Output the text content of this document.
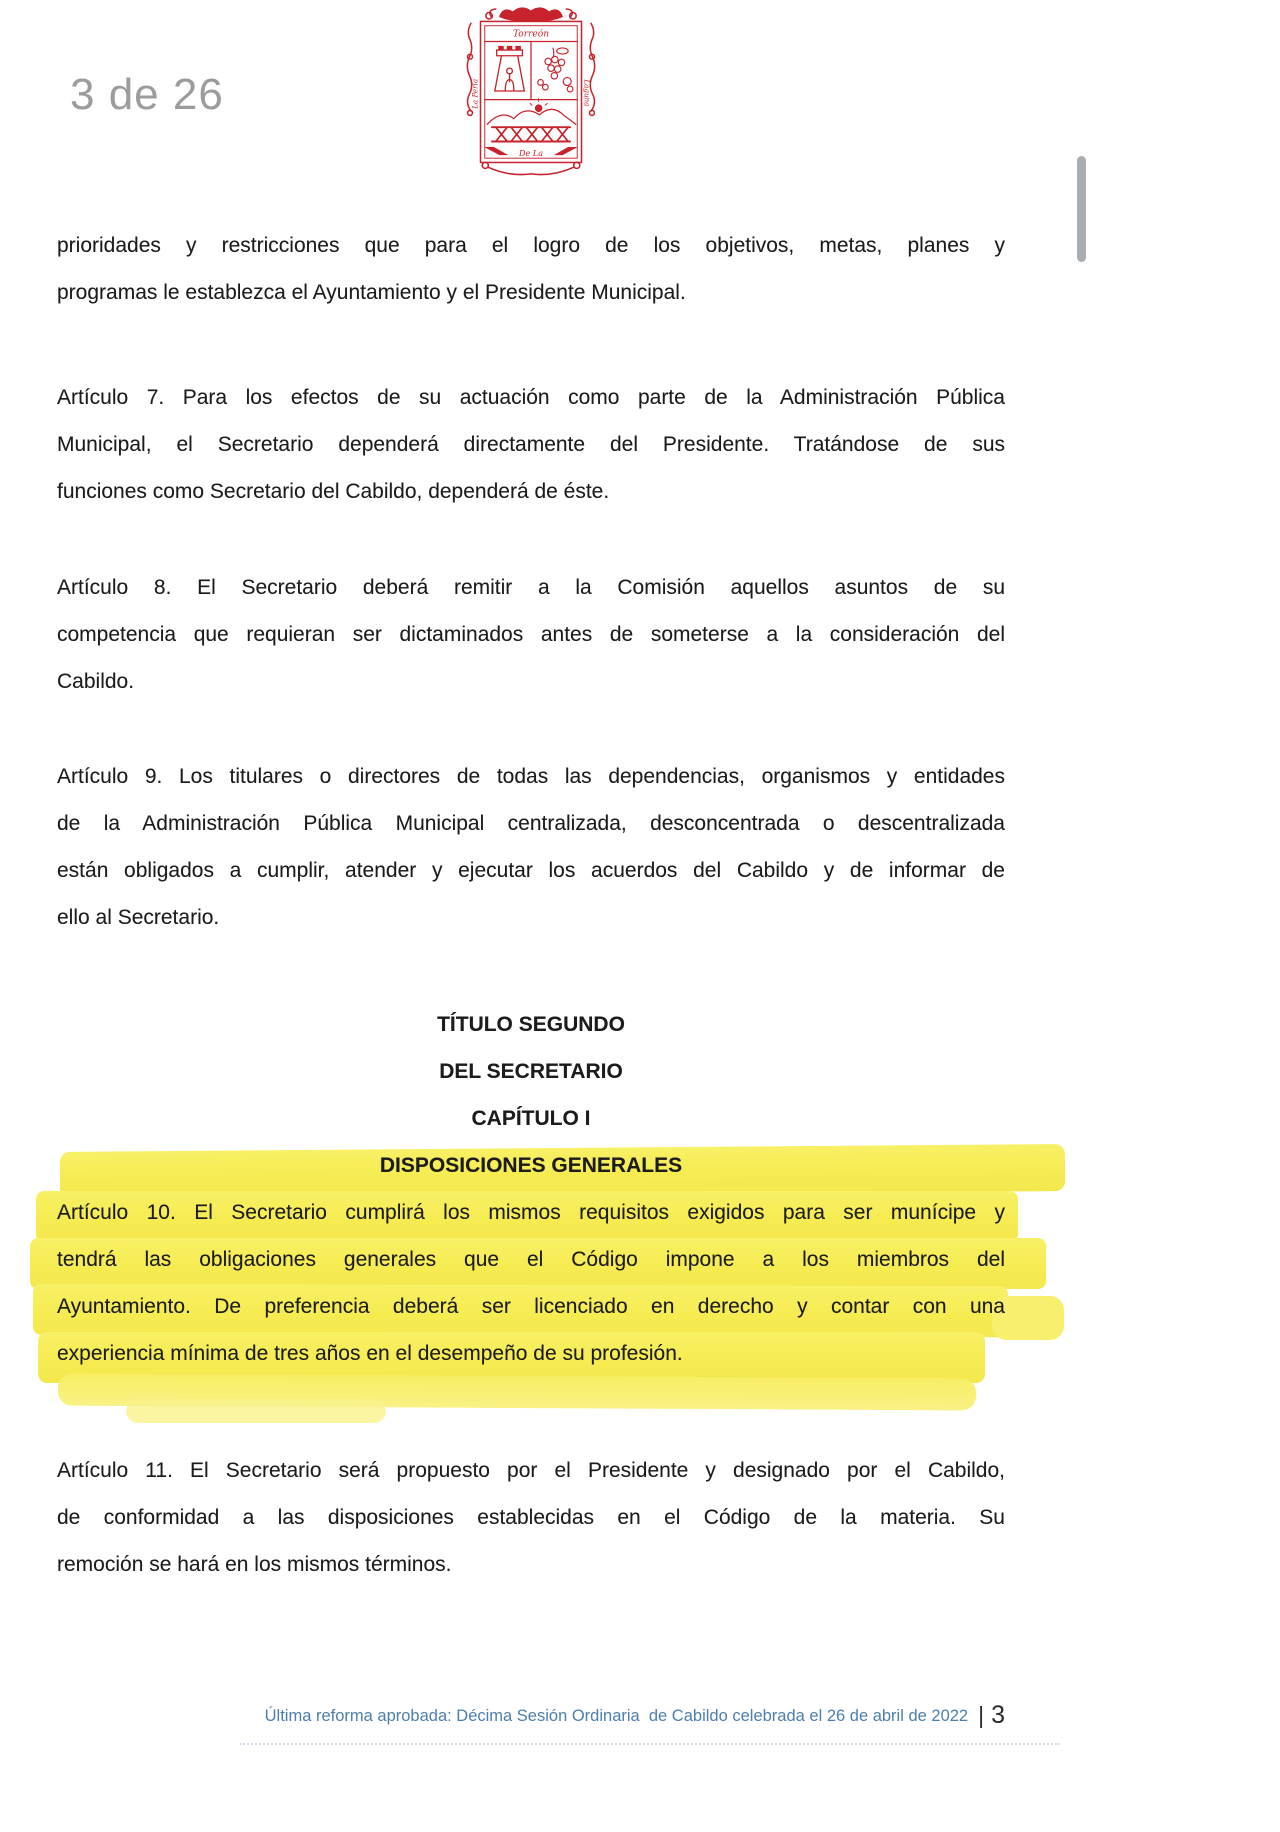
3 de 26
Torreón
La Perla	Laguna
De La
prioridades y restricciones que para el logro de los objetivos, metas, planes y
programas le establezca el Ayuntamiento y el Presidente Municipal.
Artículo 7. Para los efectos de su actuación como parte de la Administración Pública
Municipal, el Secretario dependerá directamente del Presidente. Tratándose de sus
funciones como Secretario del Cabildo, dependerá de éste.
Artículo 8. El Secretario deberá remitir a la Comisión aquellos asuntos de su
competencia que requieran ser dictaminados antes de someterse a la consideración del
Cabildo.
Artículo 9. Los titulares o directores de todas las dependencias, organismos y entidades
de la Administración Pública Municipal centralizada, desconcentrada o descentralizada
están obligados a cumplir, atender y ejecutar los acuerdos del Cabildo y de informar de
ello al Secretario.
TÍTULO SEGUNDO
DEL SECRETARIO
CAPÍTULO I
DISPOSICIONES GENERALES
Artículo 10. El Secretario cumplirá los mismos requisitos exigidos para ser munícipe y
tendrá las obligaciones generales que el Código impone a los miembros del
Ayuntamiento. De preferencia deberá ser licenciado en derecho y contar con una
experiencia mínima de tres años en el desempeño de su profesión.
Artículo 11. El Secretario será propuesto por el Presidente y designado por el Cabildo,
de conformidad a las disposiciones establecidas en el Código de la materia. Su
remoción se hará en los mismos términos.
Última reforma aprobada: Décima Sesión Ordinaria  de Cabildo celebrada el 26 de abril de 2022 | 3
